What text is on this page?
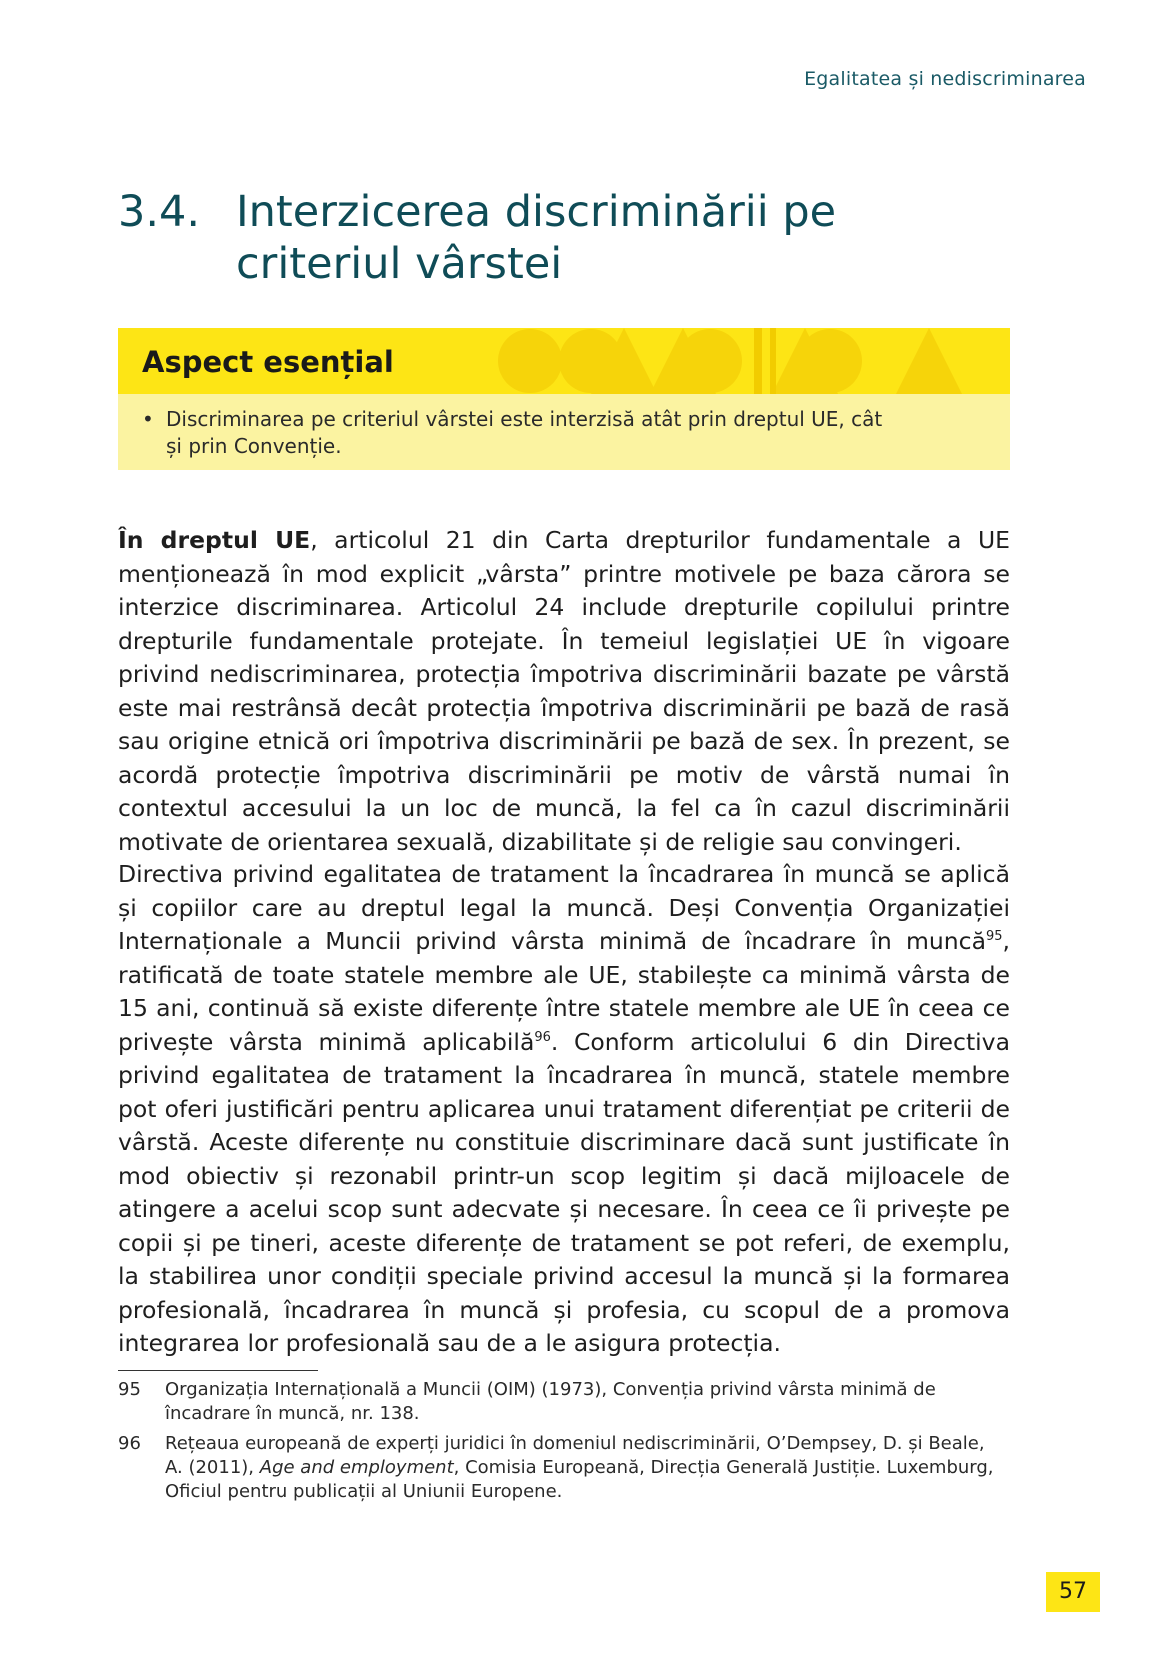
Egalitatea și nediscriminarea
3.4. Interzicerea discriminării pe criteriul vârstei
Aspect esențial
• Discriminarea pe criteriul vârstei este interzisă atât prin dreptul UE, cât și prin Convenție.

În dreptul UE, articolul 21 din Carta drepturilor fundamentale a UE menționează în mod explicit „vârsta” printre motivele pe baza cărora se interzice discriminarea. Articolul 24 include drepturile copilului printre drepturile fundamentale protejate. În temeiul legislației UE în vigoare privind nediscriminarea, protecția împotriva discriminării bazate pe vârstă este mai restrânsă decât protecția împotriva discriminării pe bază de rasă sau origine etnică ori împotriva discriminării pe bază de sex. În prezent, se acordă protecție împotriva discriminării pe motiv de vârstă numai în contextul accesului la un loc de muncă, la fel ca în cazul discriminării motivate de orientarea sexuală, dizabilitate și de religie sau convingeri.

Directiva privind egalitatea de tratament la încadrarea în muncă se aplică și copiilor care au dreptul legal la muncă. Deși Convenția Organizației Internaționale a Muncii privind vârsta minimă de încadrare în muncă$^{95}$, ratificată de toate statele membre ale UE, stabilește ca minimă vârsta de 15 ani, continuă să existe diferențe între statele membre ale UE în ceea ce privește vârsta minimă aplicabilă$^{96}$. Conform articolului 6 din Directiva privind egalitatea de tratament la încadrarea în muncă, statele membre pot oferi justificări pentru aplicarea unui tratament diferențiat pe criterii de vârstă. Aceste diferențe nu constituie discriminare dacă sunt justificate în mod obiectiv și rezonabil printr-un scop legitim și dacă mijloacele de atingere a acelui scop sunt adecvate și necesare. În ceea ce îi privește pe copii și pe tineri, aceste diferențe de tratament se pot referi, de exemplu, la stabilirea unor condiții speciale privind accesul la muncă și la formarea profesională, încadrarea în muncă și profesia, cu scopul de a promova integrarea lor profesională sau de a le asigura protecția.

95 Organizația Internațională a Muncii (OIM) (1973), Convenția privind vârsta minimă de încadrare în muncă, nr. 138.
96 Rețeaua europeană de experți juridici în domeniul nediscriminării, O’Dempsey, D. și Beale, A. (2011), Age and employment, Comisia Europeană, Direcția Generală Justiție. Luxemburg, Oficiul pentru publicații al Uniunii Europene.
57
